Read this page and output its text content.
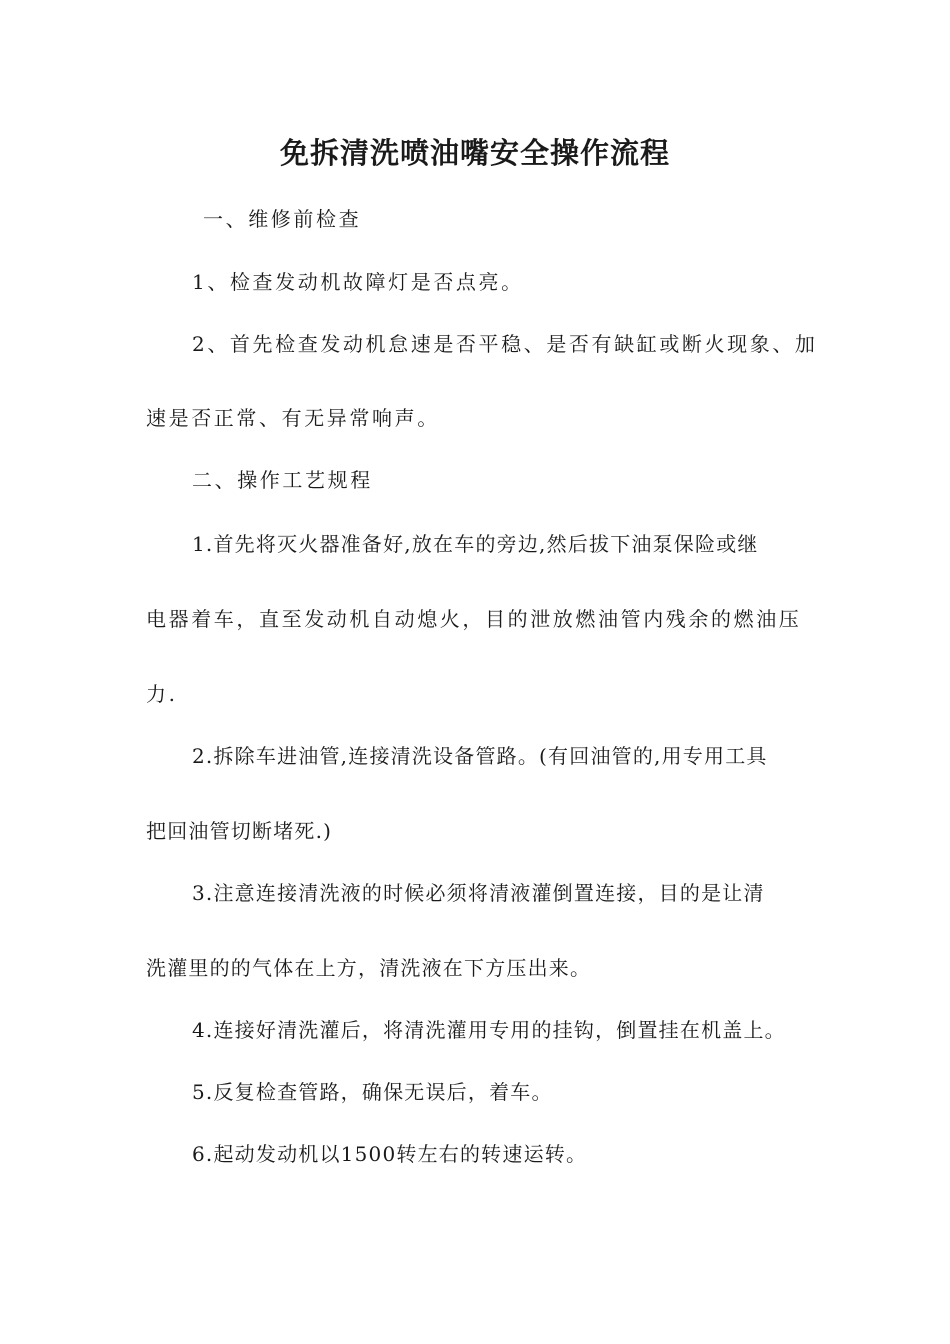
免拆清洗喷油嘴安全操作流程
一、维修前检查
1、检查发动机故障灯是否点亮。
2、首先检查发动机怠速是否平稳、是否有缺缸或断火现象、加
速是否正常、有无异常响声。
二、操作工艺规程
1.首先将灭火器准备好,放在车的旁边,然后拔下油泵保险或继
电器着车，直至发动机自动熄火，目的泄放燃油管内残余的燃油压
力.
2.拆除车进油管,连接清洗设备管路。(有回油管的,用专用工具
把回油管切断堵死.)
3.注意连接清洗液的时候必须将清液灌倒置连接，目的是让清
洗灌里的的气体在上方，清洗液在下方压出来。
4.连接好清洗灌后，将清洗灌用专用的挂钩，倒置挂在机盖上。
5.反复检查管路，确保无误后，着车。
6.起动发动机以1500转左右的转速运转。
